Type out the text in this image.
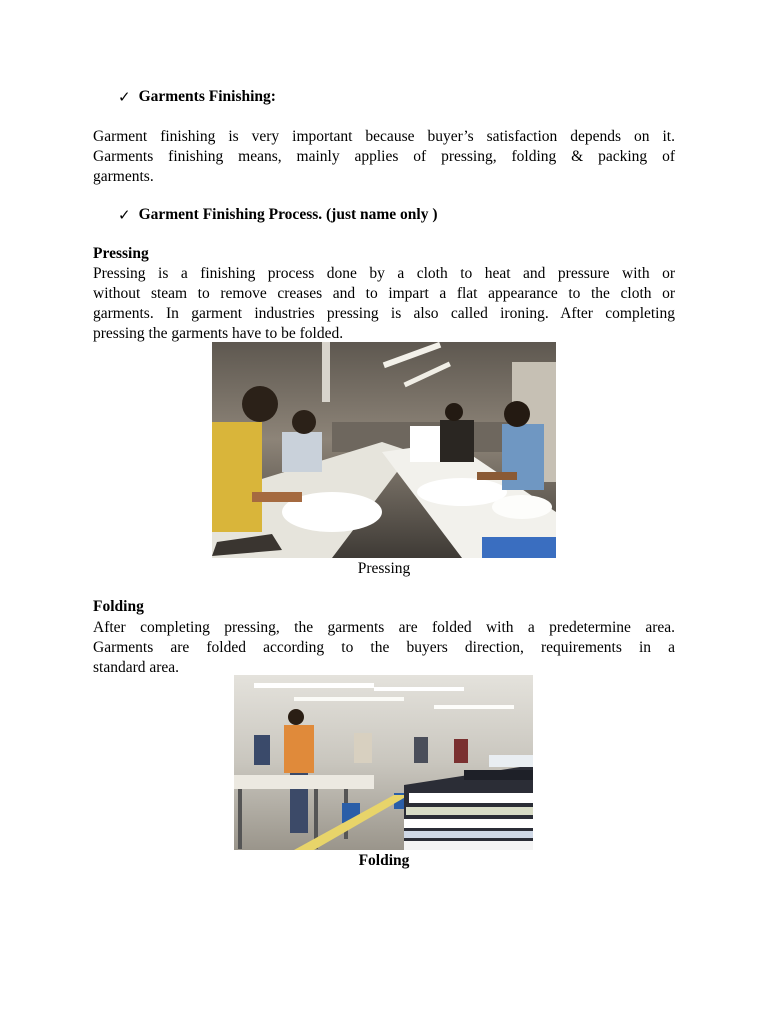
✓ Garments Finishing:
Garment finishing is very important because buyer’s satisfaction depends on it.
Garments finishing means, mainly applies of pressing, folding & packing of
garments.
✓ Garment Finishing Process. (just name only )
Pressing
Pressing is a finishing process done by a cloth to heat and pressure with or
without steam to remove creases and to impart a flat appearance to the cloth or
garments. In garment industries pressing is also called ironing. After completing
pressing the garments have to be folded.
Pressing
Folding
After completing pressing, the garments are folded with a predetermine area.
Garments are folded according to the buyers direction, requirements in a
standard area.
Folding
